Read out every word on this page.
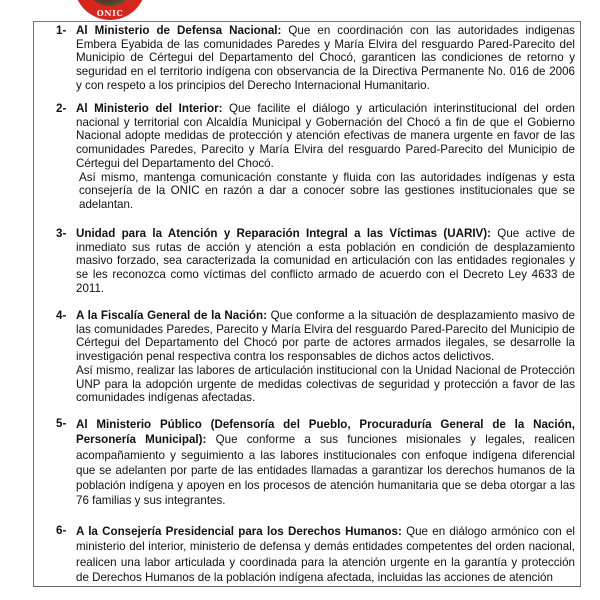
ONIC
1- Al Ministerio de Defensa Nacional: Que en coordinación con las autoridades indigenas Embera Eyabida de las comunidades Paredes y María Elvira del resguardo Pared-Parecito del Municipio de Cértegui del Departamento del Chocó, garanticen las condiciones de retorno y seguridad en el territorio indígena con observancia de la Directiva Permanente No. 016 de 2006 y con respeto a los principios del Derecho Internacional Humanitario.

2- Al Ministerio del Interior: Que facilite el diálogo y articulación interinstitucional del orden nacional y territorial con Alcaldía Municipal y Gobernación del Chocó a fin de que el Gobierno Nacional adopte medidas de protección y atención efectivas de manera urgente en favor de las comunidades Paredes, Parecito y María Elvira del resguardo Pared-Parecito del Municipio de Cértegui del Departamento del Chocó.

Así mismo, mantenga comunicación constante y fluida con las autoridades indígenas y esta consejería de la ONIC en razón a dar a conocer sobre las gestiones institucionales que se adelantan.

3- Unidad para la Atención y Reparación Integral a las Víctimas (UARIV): Que active de inmediato sus rutas de acción y atención a esta población en condición de desplazamiento masivo forzado, sea caracterizada la comunidad en articulación con las entidades regionales y se les reconozca como víctimas del conflicto armado de acuerdo con el Decreto Ley 4633 de 2011.

4- A la Fiscalía General de la Nación: Que conforme a la situación de desplazamiento masivo de las comunidades Paredes, Parecito y María Elvira del resguardo Pared-Parecito del Municipio de Cértegui del Departamento del Chocó por parte de actores armados ilegales, se desarrolle la investigación penal respectiva contra los responsables de dichos actos delictivos.

Así mismo, realizar las labores de articulación institucional con la Unidad Nacional de Protección UNP para la adopción urgente de medidas colectivas de seguridad y protección a favor de las comunidades indígenas afectadas.

5- Al Ministerio Público (Defensoría del Pueblo, Procuraduría General de la Nación, Personería Municipal): Que conforme a sus funciones misionales y legales, realicen acompañamiento y seguimiento a las labores institucionales con enfoque indígena diferencial que se adelanten por parte de las entidades llamadas a garantizar los derechos humanos de la población indígena y apoyen en los procesos de atención humanitaria que se deba otorgar a las 76 familias y sus integrantes.

6- A la Consejería Presidencial para los Derechos Humanos: Que en diálogo armónico con el ministerio del interior, ministerio de defensa y demás entidades competentes del orden nacional, realicen una labor articulada y coordinada para la atención urgente en la garantía y protección de Derechos Humanos de la población indígena afectada, incluidas las acciones de atención
